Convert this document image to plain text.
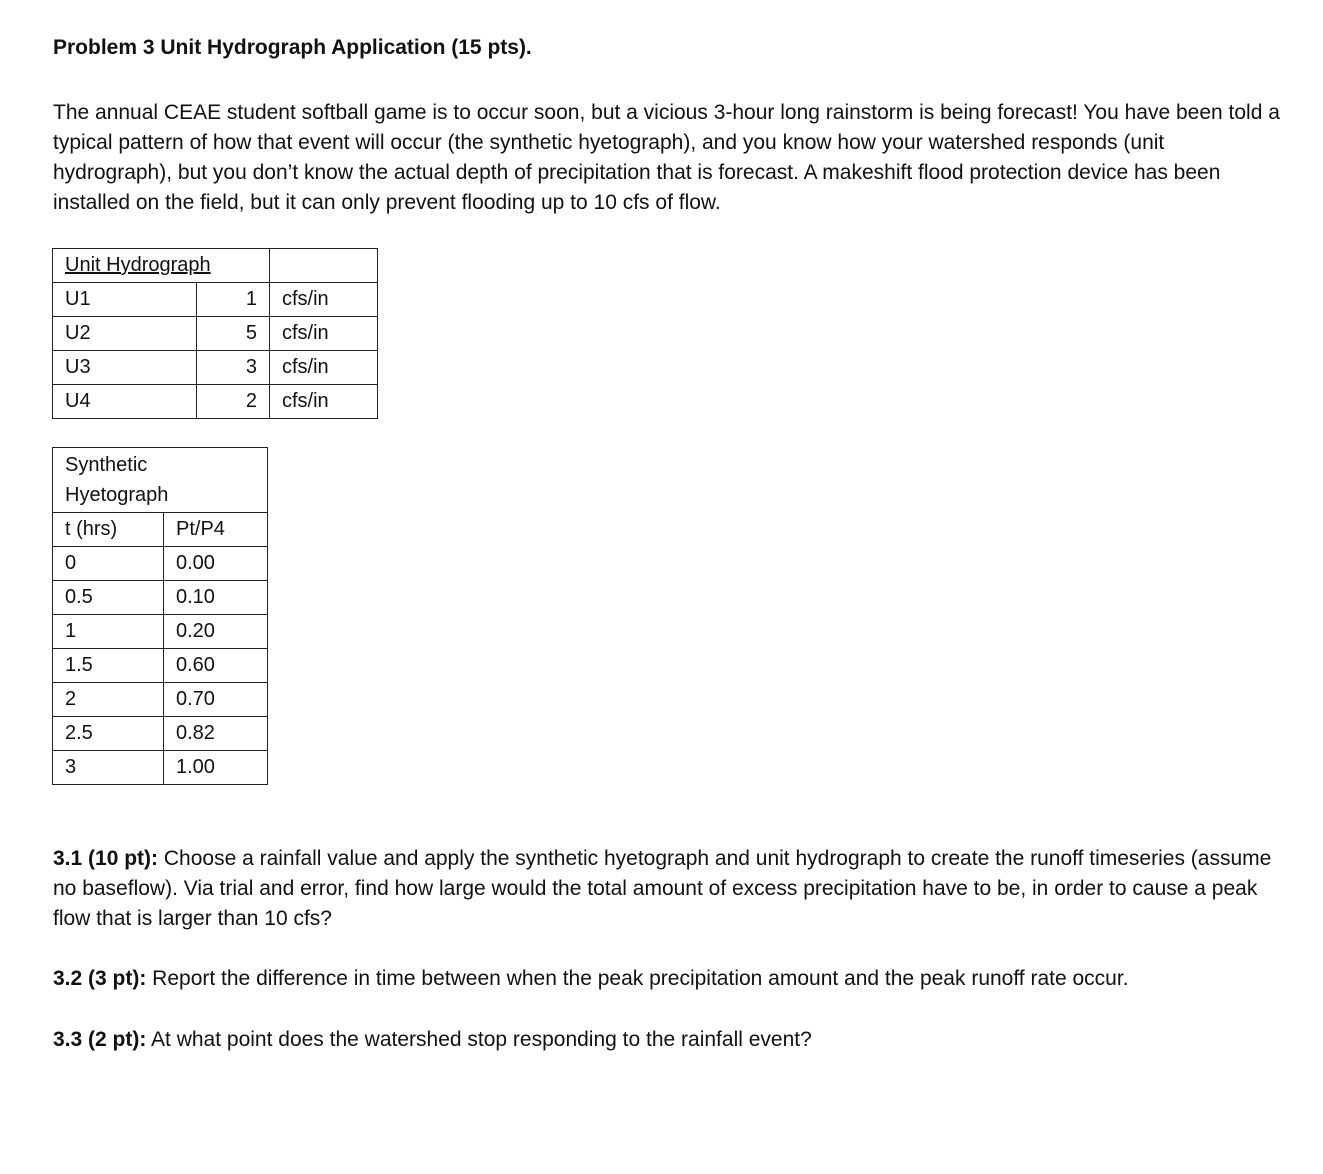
Problem 3 Unit Hydrograph Application (15 pts).

The annual CEAE student softball game is to occur soon, but a vicious 3-hour long rainstorm is being forecast! You have been told a typical pattern of how that event will occur (the synthetic hyetograph), and you know how your watershed responds (unit hydrograph), but you don’t know the actual depth of precipitation that is forecast. A makeshift flood protection device has been installed on the field, but it can only prevent flooding up to 10 cfs of flow.

Unit Hydrograph		
U1	1	cfs/in
U2	5	cfs/in
U3	3	cfs/in
U4	2	cfs/in
Synthetic Hyetograph	
t (hrs)	Pt/P4
0	0.00
0.5	0.10
1	0.20
1.5	0.60
2	0.70
2.5	0.82
3	1.00

3.1 (10 pt): Choose a rainfall value and apply the synthetic hyetograph and unit hydrograph to create the runoff timeseries (assume no baseflow). Via trial and error, find how large would the total amount of excess precipitation have to be, in order to cause a peak flow that is larger than 10 cfs?

3.2 (3 pt): Report the difference in time between when the peak precipitation amount and the peak runoff rate occur.

3.3 (2 pt): At what point does the watershed stop responding to the rainfall event?
